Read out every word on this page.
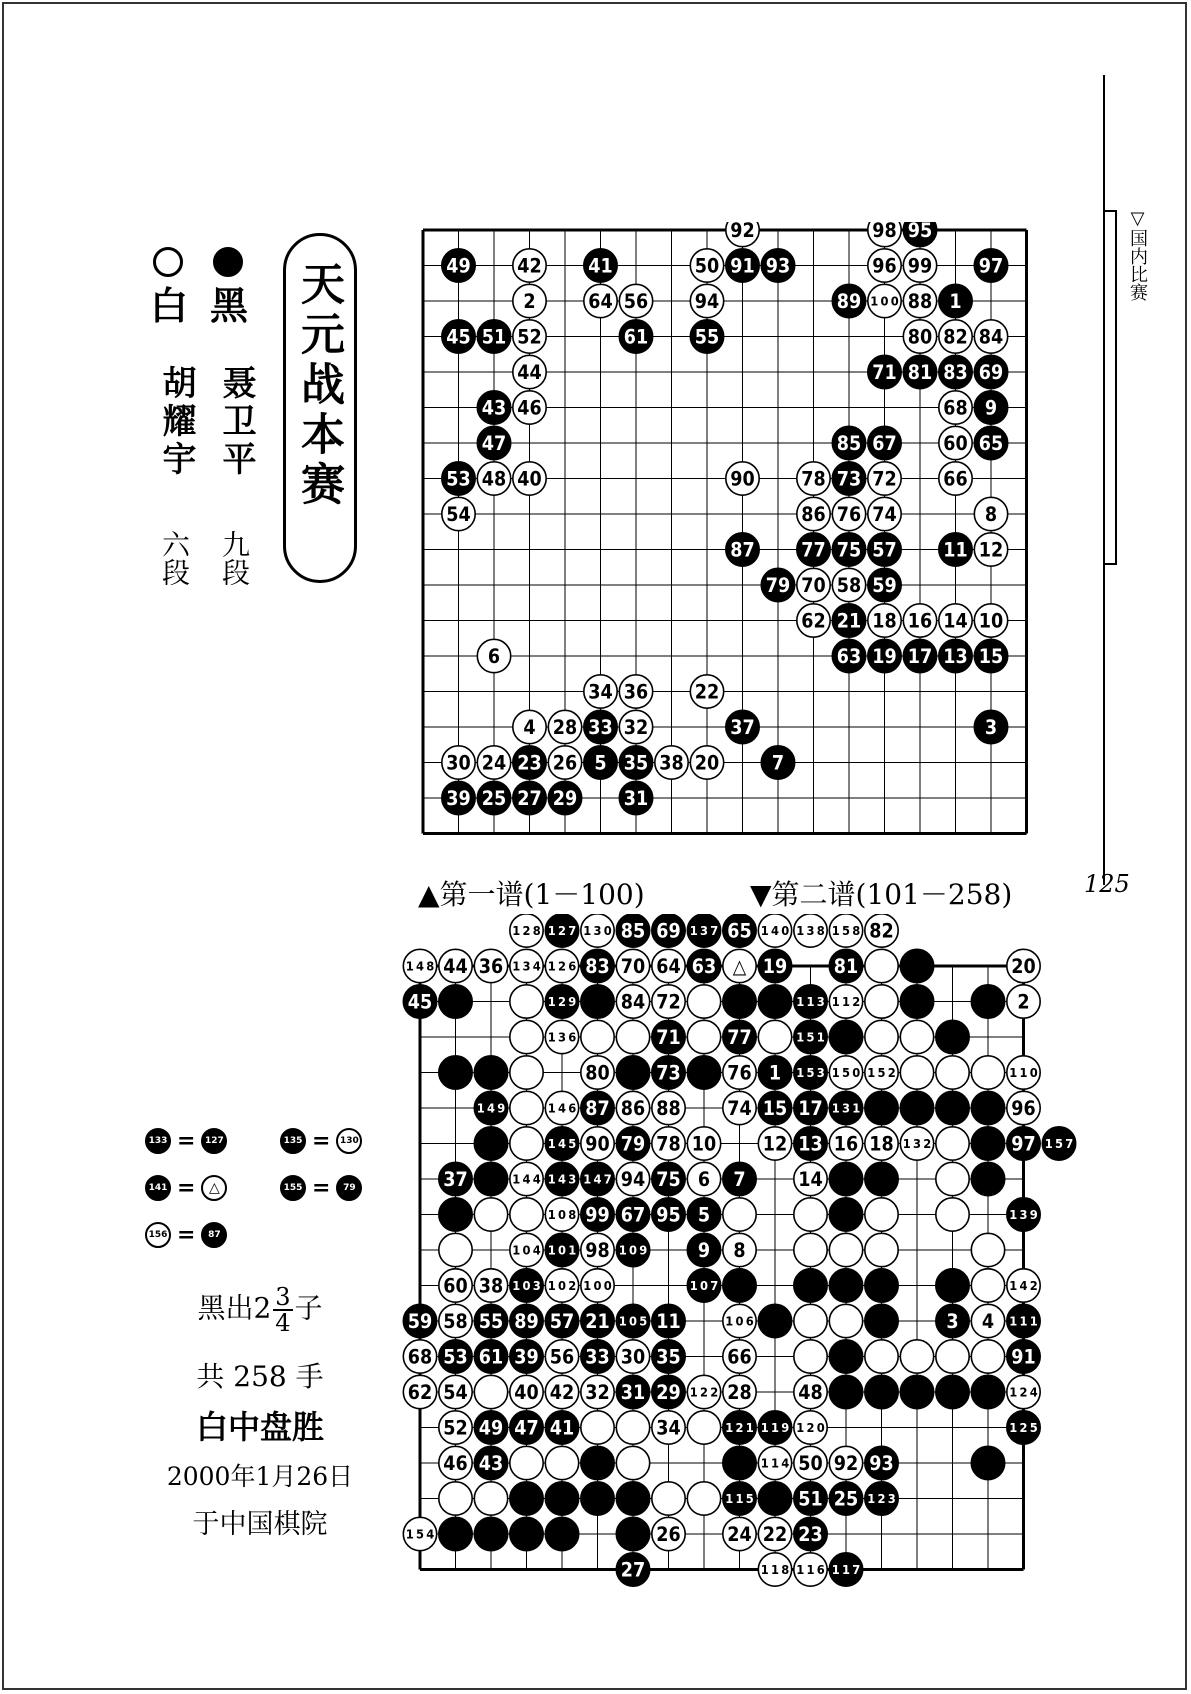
天元战本赛
黑
聂卫平
九段
白
胡耀宇
六段
▽国内比赛
125
92	98 95
49 42 41	50 91 93	96 99 97
2	64 56 94	89 100 88 1
45 51 52	61 55	80 82 84
44	71 81 83 69
43 46	68 9
47	85 67 60 65
53 48 40	90 78 73 72 66
54	86 76 74	8
87 77 75 57 11 12
79 70 58 59
62 21 18 16 14 10
6	63 19 17 13 15
34 36 22
4 28 33 32	37	3
30 24 23 26 5 35 38 20	7
39 25 27 29 31
▲第一谱(1－100)	▼第二谱(101－258)
128 127 130 85 69 137 65 140 138 158 82
148 44 36 134 126 83 70 64 63 △ 19 81	20
45	129 84 72	113 112	2
136	71 77	151
80 73 76 1 153 150 152	110
149	146 87 86 88 74 15 17 131	96
145 90 79 78 10 12 13 16 18 132	97 157
37	144 143 147 94 75 6 7	14
108 99 67 95 5	139
104 101 98 109	9 8
60 38 103 102 100	107	142
59 58 55 89 57 21 105 11	106	3 4 111
68 53 61 39 56 33 30 35 66	91
62 54 40 42 32 31 29 122 28 48	124
52 49 47 41	34	121 119 120	125
46 43	114 50 92 93
115 51 25 123
154	26 24 22 23
27	118 116 117
133 =	127	135 =	130
141 = △	155 =	79
156 =	87
黑出$2 \frac{3}{4}$ 子
共 258 手
白中盘胜
2000年1月26日
于中国棋院
